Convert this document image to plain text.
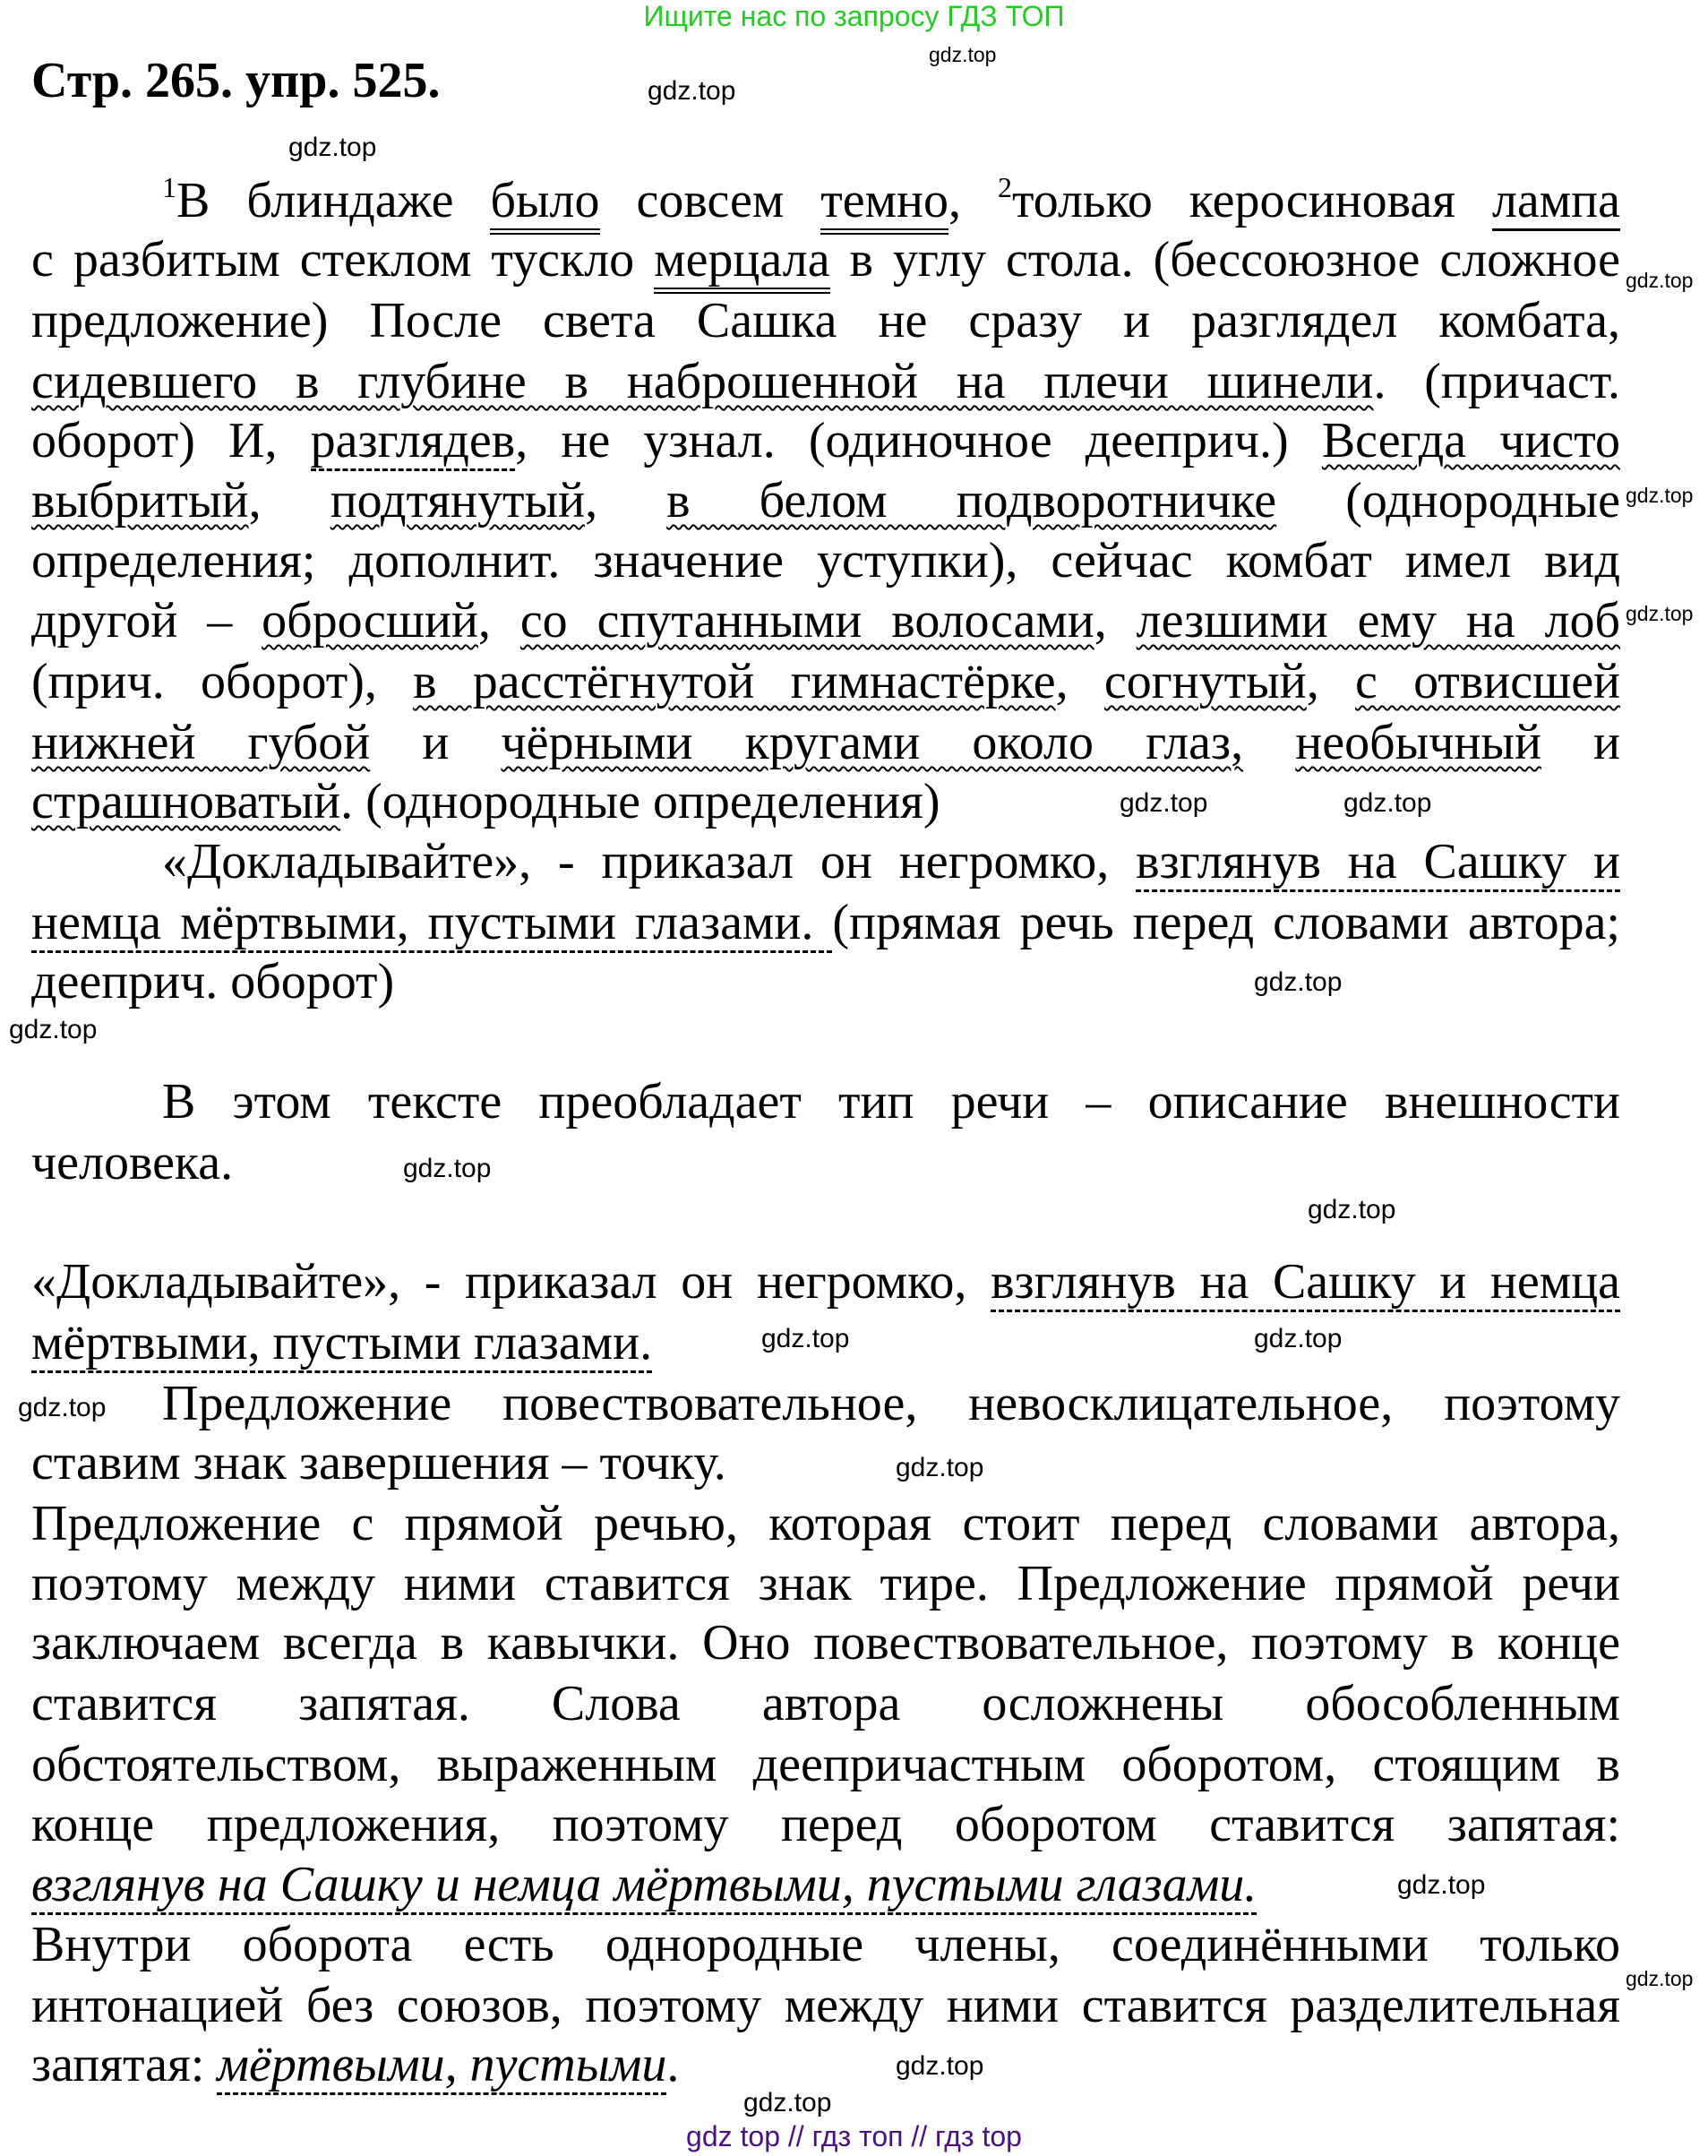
Ищите нас по запросу ГДЗ ТОП
Стр. 265. упр. 525.
$^1$В блиндаже было совсем темно, $^2$только керосиновая лампа
с разбитым стеклом тускло мерцала в углу стола. (бессоюзное сложное
предложение) После света Сашка не сразу и разглядел комбата,
сидевшего в глубине в наброшенной на плечи шинели. (причаст.
оборот) И, разглядев, не узнал. (одиночное дееприч.) Всегда чисто
выбритый, подтянутый, в белом подворотничке (однородные
определения; дополнит. значение уступки), сейчас комбат имел вид
другой – обросший, со спутанными волосами, лезшими ему на лоб
(прич. оборот), в расстёгнутой гимнастёрке, согнутый, с отвисшей
нижней губой и чёрными кругами около глаз, необычный и
страшноватый. (однородные определения)
«Докладывайте», - приказал он негромко, взглянув на Сашку и
немца мёртвыми, пустыми глазами. (прямая речь перед словами автора;
дееприч. оборот)
В этом тексте преобладает тип речи – описание внешности
человека.
«Докладывайте», - приказал он негромко, взглянув на Сашку и немца
мёртвыми, пустыми глазами.
Предложение повествовательное, невосклицательное, поэтому
ставим знак завершения – точку.
Предложение с прямой речью, которая стоит перед словами автора,
поэтому между ними ставится знак тире. Предложение прямой речи
заключаем всегда в кавычки. Оно повествовательное, поэтому в конце
ставится запятая. Слова автора осложнены обособленным
обстоятельством, выраженным деепричастным оборотом, стоящим в
конце предложения, поэтому перед оборотом ставится запятая:
взглянув на Сашку и немца мёртвыми, пустыми глазами.
Внутри оборота есть однородные члены, соединёнными только
интонацией без союзов, поэтому между ними ставится разделительная
запятая: мёртвыми, пустыми.
gdz.top
gdz.top
gdz.top
gdz.top
gdz.top
gdz.top
gdz.top	gdz.top
gdz.top
gdz.top
gdz.top
gdz.top
gdz.top	gdz.top
gdz.top
gdz.top
gdz.top
gdz.top
gdz.top
gdz.top
gdz top // гдз топ // гдз top
